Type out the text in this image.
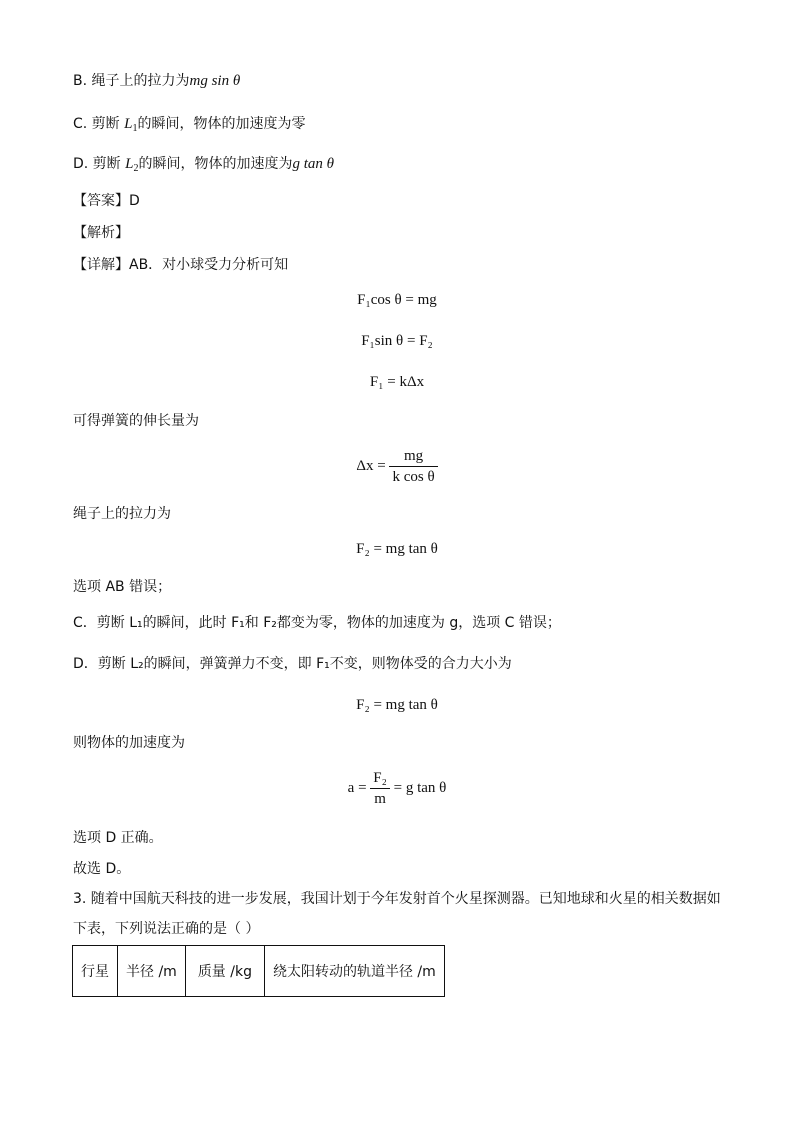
B. 绳子上的拉力为mg sin θ
C. 剪断 $L_1$的瞬间，物体的加速度为零
D. 剪断 $L_2$的瞬间，物体的加速度为g tan θ
【答案】D
【解析】
【详解】AB．对小球受力分析可知
F₁cos θ = mg
F₁sin θ = F₂
F₁ = kΔx
可得弹簧的伸长量为
$\Delta x = \frac{mg}{\text{k cos θ}}$
绳子上的拉力为
F₂ = mg tan θ
选项 AB 错误；
C．剪断 L₁的瞬间，此时 F₁和 F₂都变为零，物体的加速度为 g，选项 C 错误；
D．剪断 L₂的瞬间，弹簧弹力不变，即 F₁不变，则物体受的合力大小为
F₂ = mg tan θ
则物体的加速度为
$a = \frac{\text{F₂}}{m} = g$ tan θ
选项 D 正确。
故选 D。
3. 随着中国航天科技的进一步发展，我国计划于今年发射首个火星探测器。已知地球和火星的相关数据如
下表，下列说法正确的是（ ）
行星	半径 /m	质量 /kg	绕太阳转动的轨道半径 /m
